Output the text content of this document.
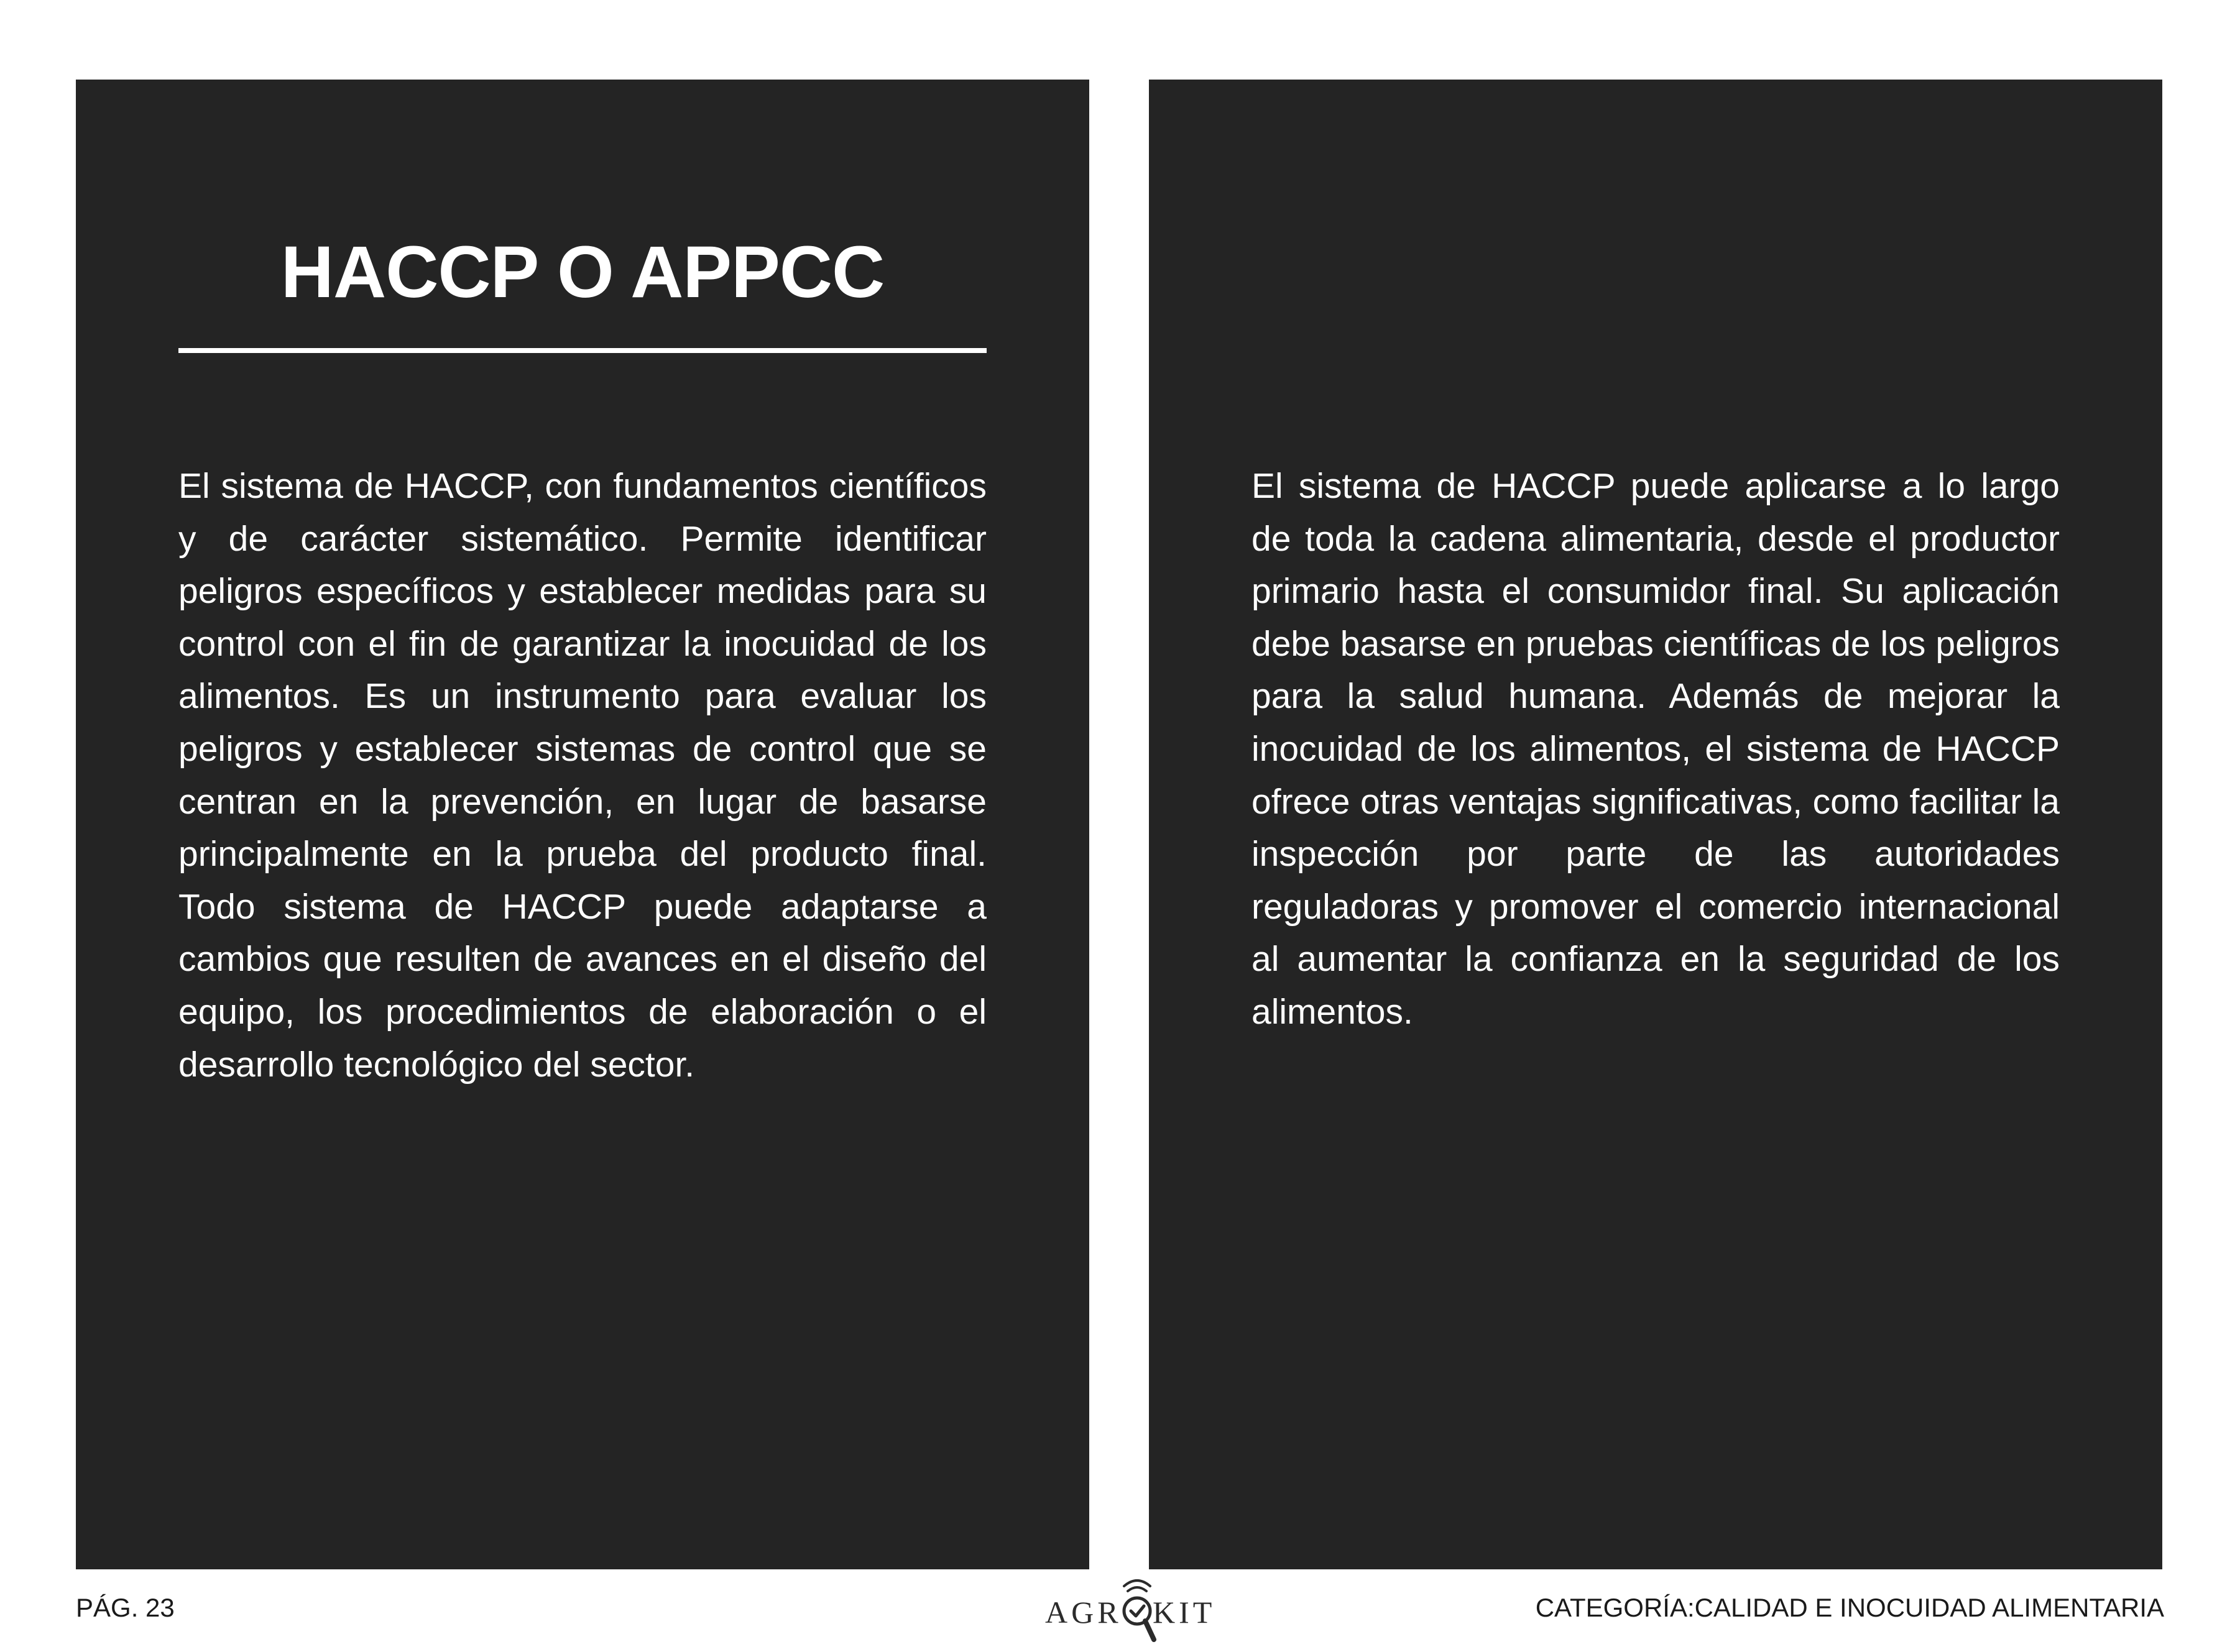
HACCP O APPCC

El sistema de HACCP, con fundamentos científicos y de carácter sistemático. Permite identificar peligros específicos y establecer medidas para su control con el fin de garantizar la inocuidad de los alimentos. Es un instrumento para evaluar los peligros y establecer sistemas de control que se centran en la prevención, en lugar de basarse principalmente en la prueba del producto final. Todo sistema de HACCP puede adaptarse a cambios que resulten de avances en el diseño del equipo, los procedimientos de elaboración o el desarrollo tecnológico del sector.

El sistema de HACCP puede aplicarse a lo largo de toda la cadena alimentaria, desde el productor primario hasta el consumidor final. Su aplicación debe basarse en pruebas científicas de los peligros para la salud humana. Además de mejorar la inocuidad de los alimentos, el sistema de HACCP ofrece otras ventajas significativas, como facilitar la inspección por parte de las autoridades reguladoras y promover el comercio internacional al aumentar la confianza en la seguridad de los alimentos.

PÁG. 23	AGR KIT	CATEGORÍA:CALIDAD E INOCUIDAD ALIMENTARIA
